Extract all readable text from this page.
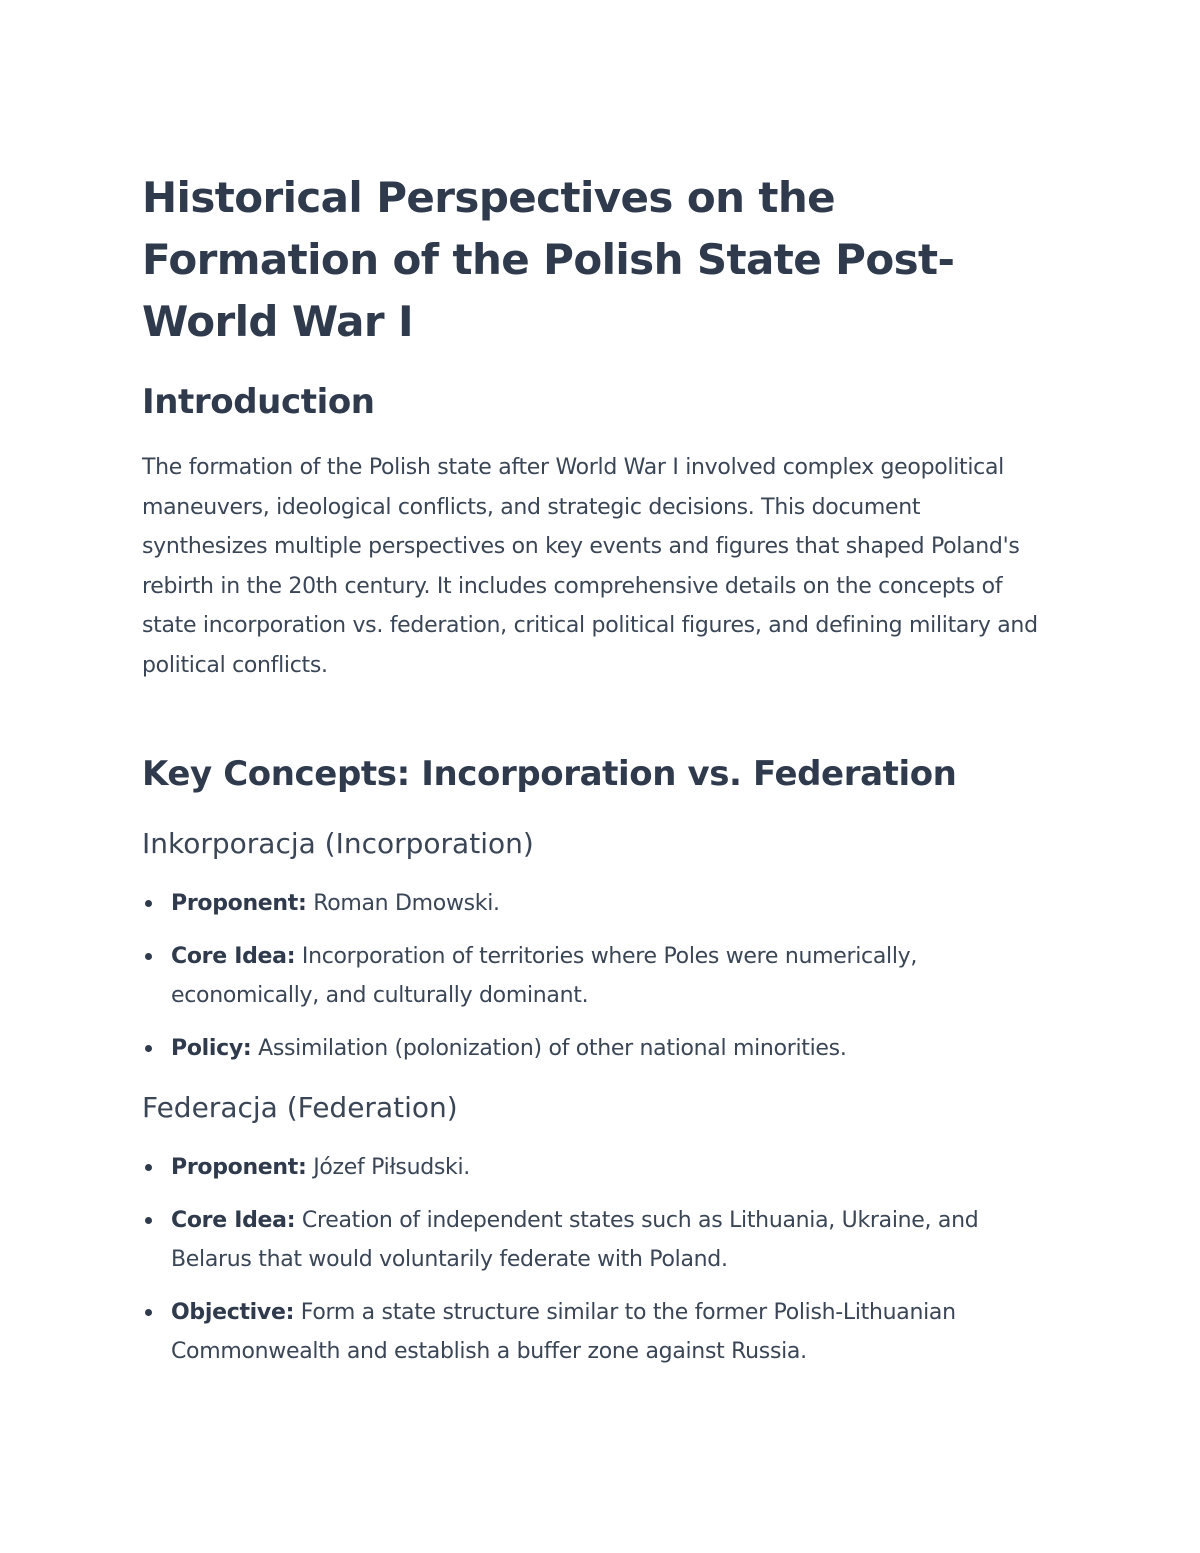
Historical Perspectives on the Formation of the Polish State Post-World War I
Introduction

The formation of the Polish state after World War I involved complex geopolitical maneuvers, ideological conflicts, and strategic decisions. This document synthesizes multiple perspectives on key events and figures that shaped Poland's rebirth in the 20th century. It includes comprehensive details on the concepts of state incorporation vs. federation, critical political figures, and defining military and political conflicts.

Key Concepts: Incorporation vs. Federation
Inkorporacja (Incorporation)
Proponent: Roman Dmowski.
Core Idea: Incorporation of territories where Poles were numerically, economically, and culturally dominant.
Policy: Assimilation (polonization) of other national minorities.
Federacja (Federation)
Proponent: Józef Piłsudski.
Core Idea: Creation of independent states such as Lithuania, Ukraine, and Belarus that would voluntarily federate with Poland.
Objective: Form a state structure similar to the former Polish-Lithuanian Commonwealth and establish a buffer zone against Russia.
